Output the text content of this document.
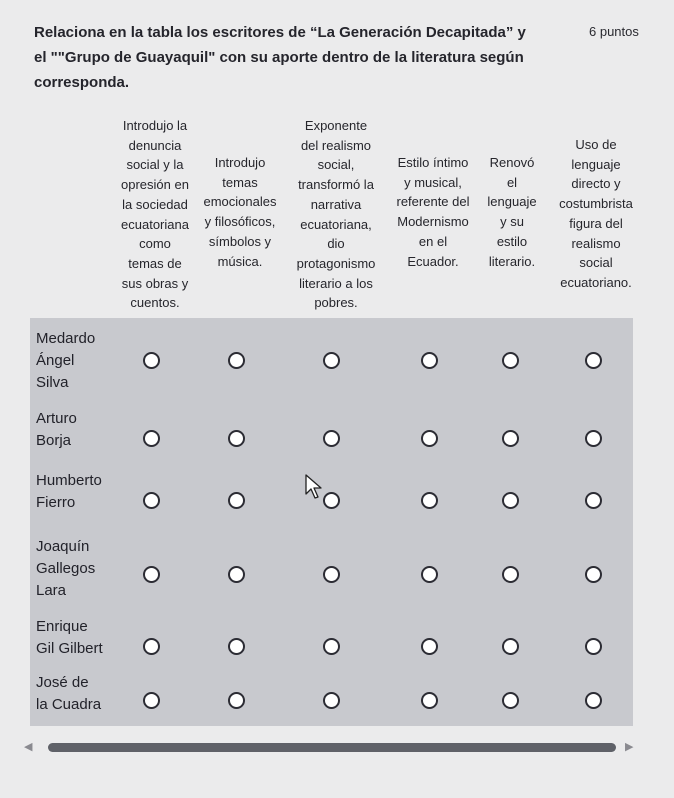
Relaciona en la tabla los escritores de “La Generación Decapitada” y el ""Grupo de Guayaquil" con su aporte dentro de la literatura según corresponda.
6 puntos
Introdujo la
denuncia
social y la
opresión en
la sociedad
ecuatoriana
como
temas de
sus obras y
cuentos.
Introdujo
temas
emocionales
y filosóficos,
símbolos y
música.
Exponente
del realismo
social,
transformó la
narrativa
ecuatoriana,
dio
protagonismo
literario a los
pobres.
Estilo íntimo
y musical,
referente del
Modernismo
en el
Ecuador.
Renovó
el
lenguaje
y su
estilo
literario.
Uso de
lenguaje
directo y
costumbrista
figura del
realismo
social
ecuatoriano.
Medardo
Ángel
Silva
Arturo
Borja
Humberto
Fierro
Joaquín
Gallegos
Lara
Enrique
Gil Gilbert
José de
la Cuadra
◀	▶
